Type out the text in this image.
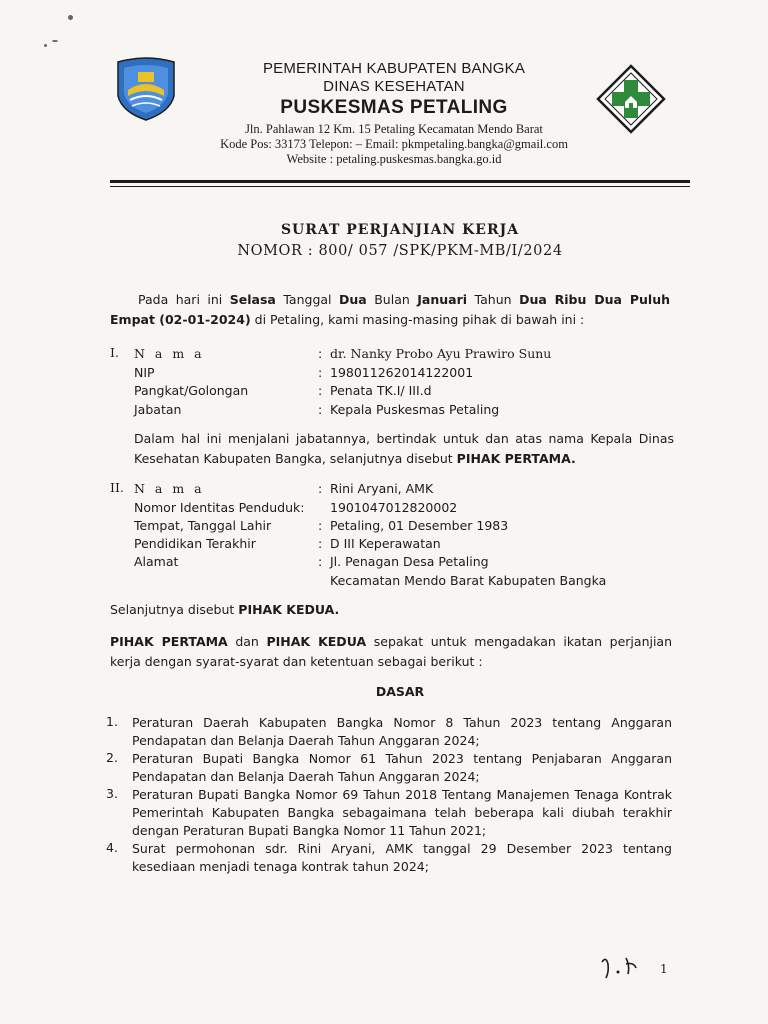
PEMERINTAH KABUPATEN BANGKA
DINAS KESEHATAN
PUSKESMAS PETALING
Jln. Pahlawan 12 Km. 15 Petaling Kecamatan Mendo Barat
Kode Pos: 33173 Telepon: – Email: pkmpetaling.bangka@gmail.com
Website : petaling.puskesmas.bangka.go.id
SURAT PERJANJIAN KERJA
NOMOR : 800/ 057 /SPK/PKM-MB/I/2024
Pada hari ini Selasa Tanggal Dua Bulan Januari Tahun Dua Ribu Dua Puluh Empat (02-01-2024) di Petaling, kami masing-masing pihak di bawah ini :
I. N a m a	: dr. Nanky Probo Ayu Prawiro Sunu
NIP	: 198011262014122001
Pangkat/Golongan	: Penata TK.I/ III.d
Jabatan	: Kepala Puskesmas Petaling
Dalam hal ini menjalani jabatannya, bertindak untuk dan atas nama Kepala Dinas Kesehatan Kabupaten Bangka, selanjutnya disebut PIHAK PERTAMA.
II. N a m a	: Rini Aryani, AMK
Nomor Identitas Penduduk: 1901047012820002
Tempat, Tanggal Lahir	: Petaling, 01 Desember 1983
Pendidikan Terakhir	: D III Keperawatan
Alamat	: Jl. Penagan Desa Petaling
Kecamatan Mendo Barat Kabupaten Bangka
Selanjutnya disebut PIHAK KEDUA.
PIHAK PERTAMA dan PIHAK KEDUA sepakat untuk mengadakan ikatan perjanjian kerja dengan syarat-syarat dan ketentuan sebagai berikut :
DASAR
1. Peraturan Daerah Kabupaten Bangka Nomor 8 Tahun 2023 tentang Anggaran Pendapatan dan Belanja Daerah Tahun Anggaran 2024;
2. Peraturan Bupati Bangka Nomor 61 Tahun 2023 tentang Penjabaran Anggaran Pendapatan dan Belanja Daerah Tahun Anggaran 2024;
3. Peraturan Bupati Bangka Nomor 69 Tahun 2018 Tentang Manajemen Tenaga Kontrak Pemerintah Kabupaten Bangka sebagaimana telah beberapa kali diubah terakhir dengan Peraturan Bupati Bangka Nomor 11 Tahun 2021;
4. Surat permohonan sdr. Rini Aryani, AMK tanggal 29 Desember 2023 tentang kesediaan menjadi tenaga kontrak tahun 2024;
1
